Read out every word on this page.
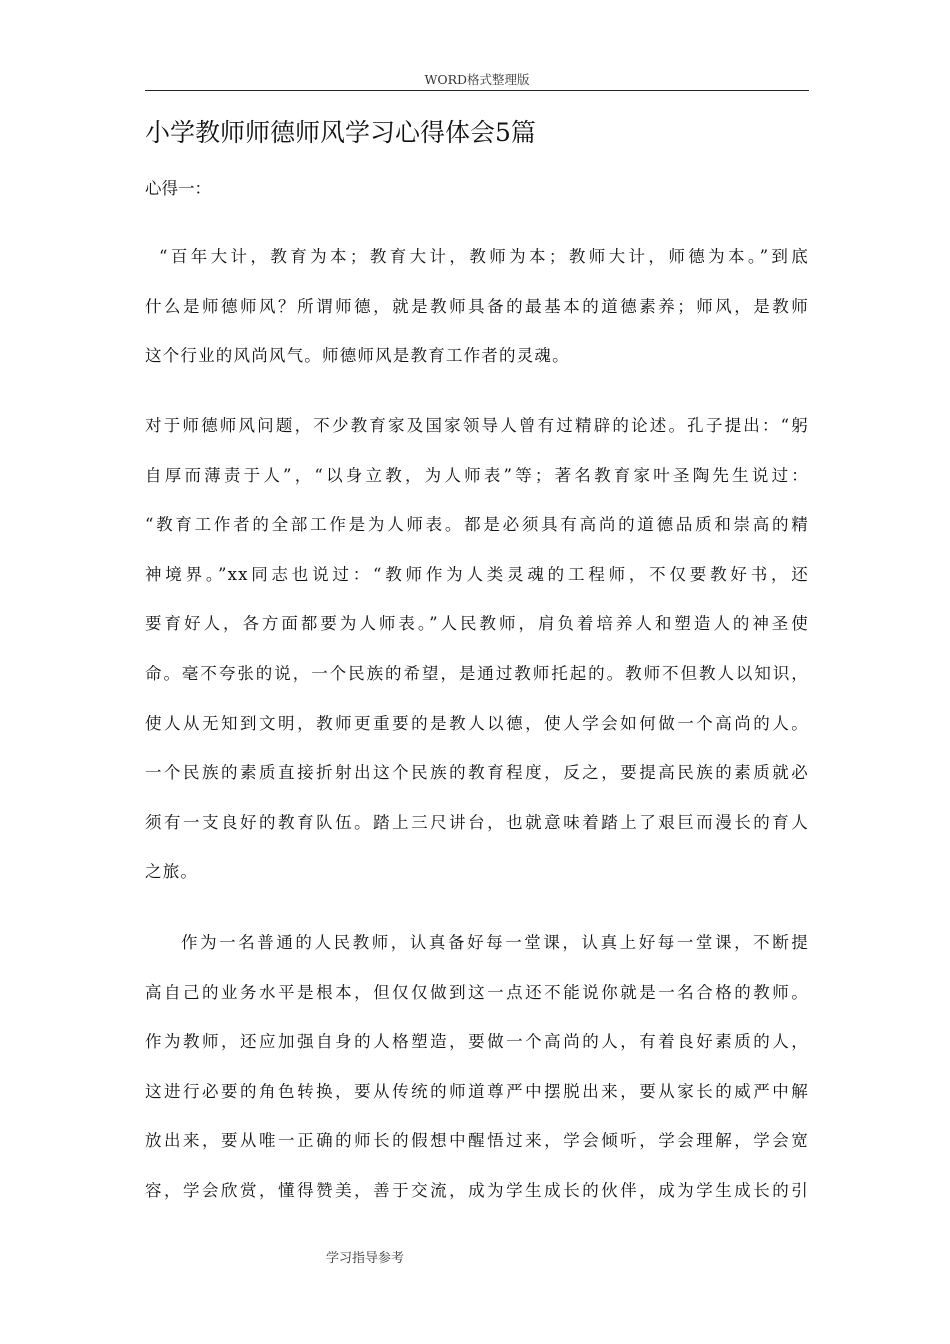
WORD格式整理版
小学教师师德师风学习心得体会5篇
心得一：
“百年大计，教育为本；教育大计，教师为本；教师大计，师德为本。”到底
什么是师德师风？所谓师德，就是教师具备的最基本的道德素养；师风，是教师
这个行业的风尚风气。师德师风是教育工作者的灵魂。
对于师德师风问题，不少教育家及国家领导人曾有过精辟的论述。孔子提出：“躬
自厚而薄责于人”，“以身立教，为人师表”等；著名教育家叶圣陶先生说过：
“教育工作者的全部工作是为人师表。都是必须具有高尚的道德品质和崇高的精
神境界。”xx同志也说过：“教师作为人类灵魂的工程师，不仅要教好书，还
要育好人，各方面都要为人师表。”人民教师，肩负着培养人和塑造人的神圣使
命。毫不夸张的说，一个民族的希望，是通过教师托起的。教师不但教人以知识，
使人从无知到文明，教师更重要的是教人以德，使人学会如何做一个高尚的人。
一个民族的素质直接折射出这个民族的教育程度，反之，要提高民族的素质就必
须有一支良好的教育队伍。踏上三尺讲台，也就意味着踏上了艰巨而漫长的育人
之旅。
作为一名普通的人民教师，认真备好每一堂课，认真上好每一堂课，不断提
高自己的业务水平是根本，但仅仅做到这一点还不能说你就是一名合格的教师。
作为教师，还应加强自身的人格塑造，要做一个高尚的人，有着良好素质的人，
这进行必要的角色转换，要从传统的师道尊严中摆脱出来，要从家长的威严中解
放出来，要从唯一正确的师长的假想中醒悟过来，学会倾听，学会理解，学会宽
容，学会欣赏，懂得赞美，善于交流，成为学生成长的伙伴，成为学生成长的引
学习指导参考
